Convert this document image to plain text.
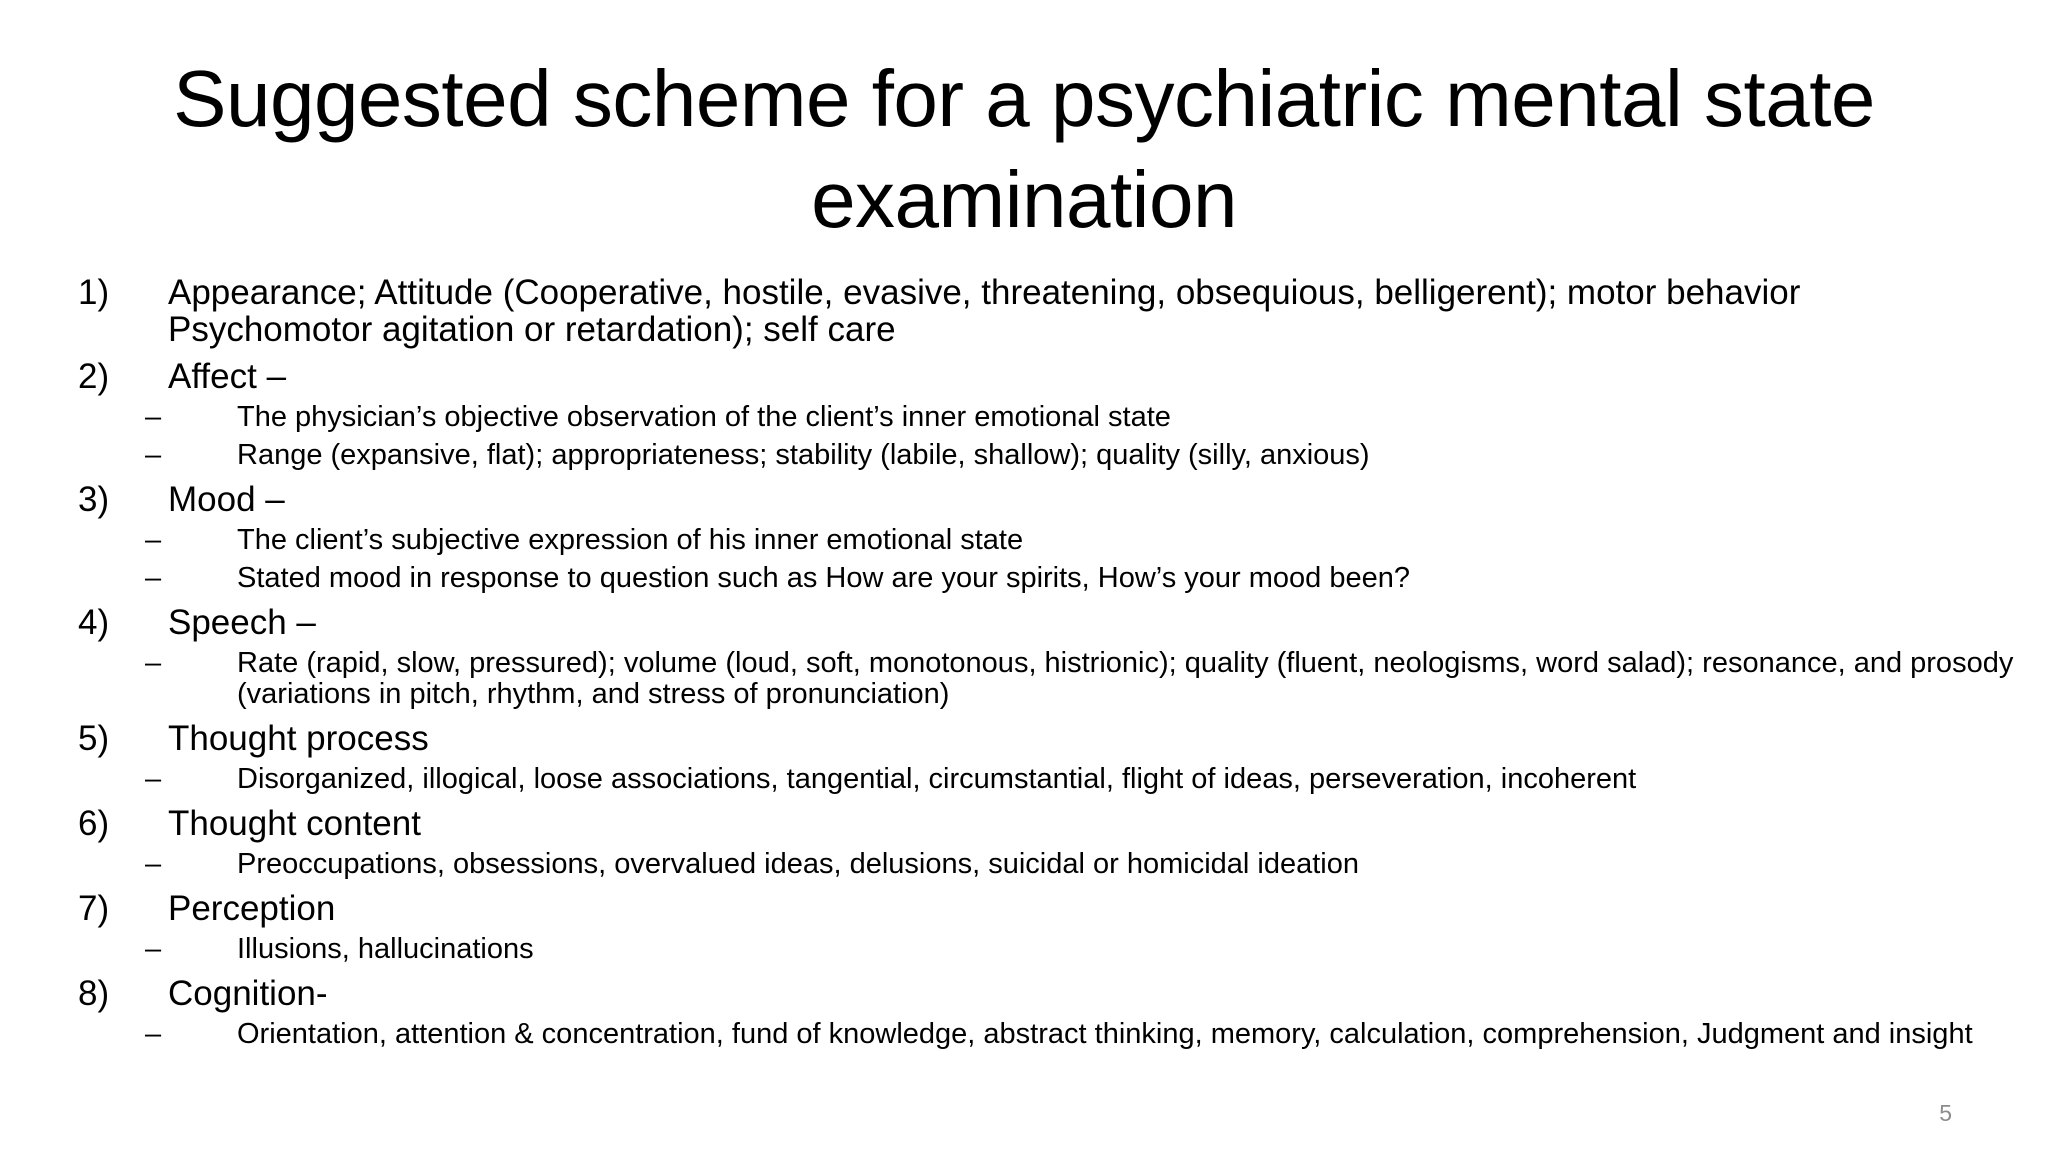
Suggested scheme for a psychiatric mental state examination
1) Appearance; Attitude (Cooperative, hostile, evasive, threatening, obsequious, belligerent); motor behavior Psychomotor agitation or retardation); self care
2) Affect –
–	The physician’s objective observation of the client’s inner emotional state
–	Range (expansive, flat); appropriateness; stability (labile, shallow); quality (silly, anxious)
3) Mood –
–	The client’s subjective expression of his inner emotional state
–	Stated mood in response to question such as How are your spirits, How’s your mood been?
4) Speech –
–	Rate (rapid, slow, pressured); volume (loud, soft, monotonous, histrionic); quality (fluent, neologisms, word salad); resonance, and prosody (variations in pitch, rhythm, and stress of pronunciation)
5) Thought process
–	Disorganized, illogical, loose associations, tangential, circumstantial, flight of ideas, perseveration, incoherent
6) Thought content
–	Preoccupations, obsessions, overvalued ideas, delusions, suicidal or homicidal ideation
7) Perception
–	Illusions, hallucinations
8) Cognition-
–	Orientation, attention & concentration, fund of knowledge, abstract thinking, memory, calculation, comprehension, Judgment and insight
5
